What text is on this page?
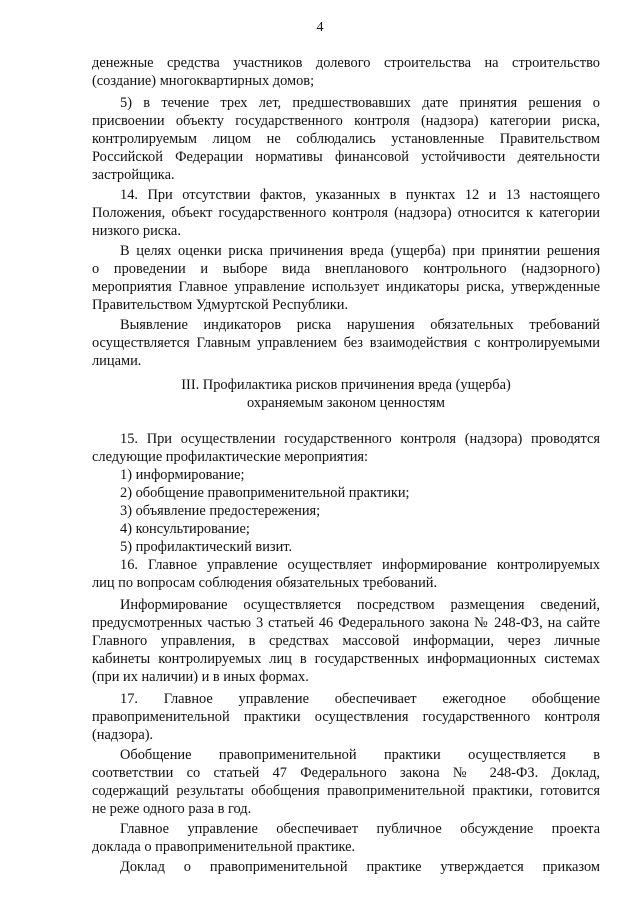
4
денежные средства участников долевого строительства на строительство
(создание) многоквартирных домов;
5) в течение трех лет, предшествовавших дате принятия решения о
присвоении объекту государственного контроля (надзора) категории риска,
контролируемым лицом не соблюдались установленные Правительством
Российской Федерации нормативы финансовой устойчивости деятельности
застройщика.
14. При отсутствии фактов, указанных в пунктах 12 и 13 настоящего
Положения, объект государственного контроля (надзора) относится к категории
низкого риска.
В целях оценки риска причинения вреда (ущерба) при принятии решения
о проведении и выборе вида внепланового контрольного (надзорного)
мероприятия Главное управление использует индикаторы риска, утвержденные
Правительством Удмуртской Республики.
Выявление индикаторов риска нарушения обязательных требований
осуществляется Главным управлением без взаимодействия с контролируемыми
лицами.
III. Профилактика рисков причинения вреда (ущерба)
охраняемым законом ценностям
15. При осуществлении государственного контроля (надзора) проводятся
следующие профилактические мероприятия:
1) информирование;
2) обобщение правоприменительной практики;
3) объявление предостережения;
4) консультирование;
5) профилактический визит.
16. Главное управление осуществляет информирование контролируемых
лиц по вопросам соблюдения обязательных требований.
Информирование осуществляется посредством размещения сведений,
предусмотренных частью 3 статьей 46 Федерального закона № 248-ФЗ, на сайте
Главного управления, в средствах массовой информации, через личные
кабинеты контролируемых лиц в государственных информационных системах
(при их наличии) и в иных формах.
17. Главное управление обеспечивает ежегодное обобщение
правоприменительной практики осуществления государственного контроля
(надзора).
Обобщение правоприменительной практики осуществляется в
соответствии со статьей 47 Федерального закона № 248-ФЗ. Доклад,
содержащий результаты обобщения правоприменительной практики, готовится
не реже одного раза в год.
Главное управление обеспечивает публичное обсуждение проекта
доклада о правоприменительной практике.
Доклад о правоприменительной практике утверждается приказом
